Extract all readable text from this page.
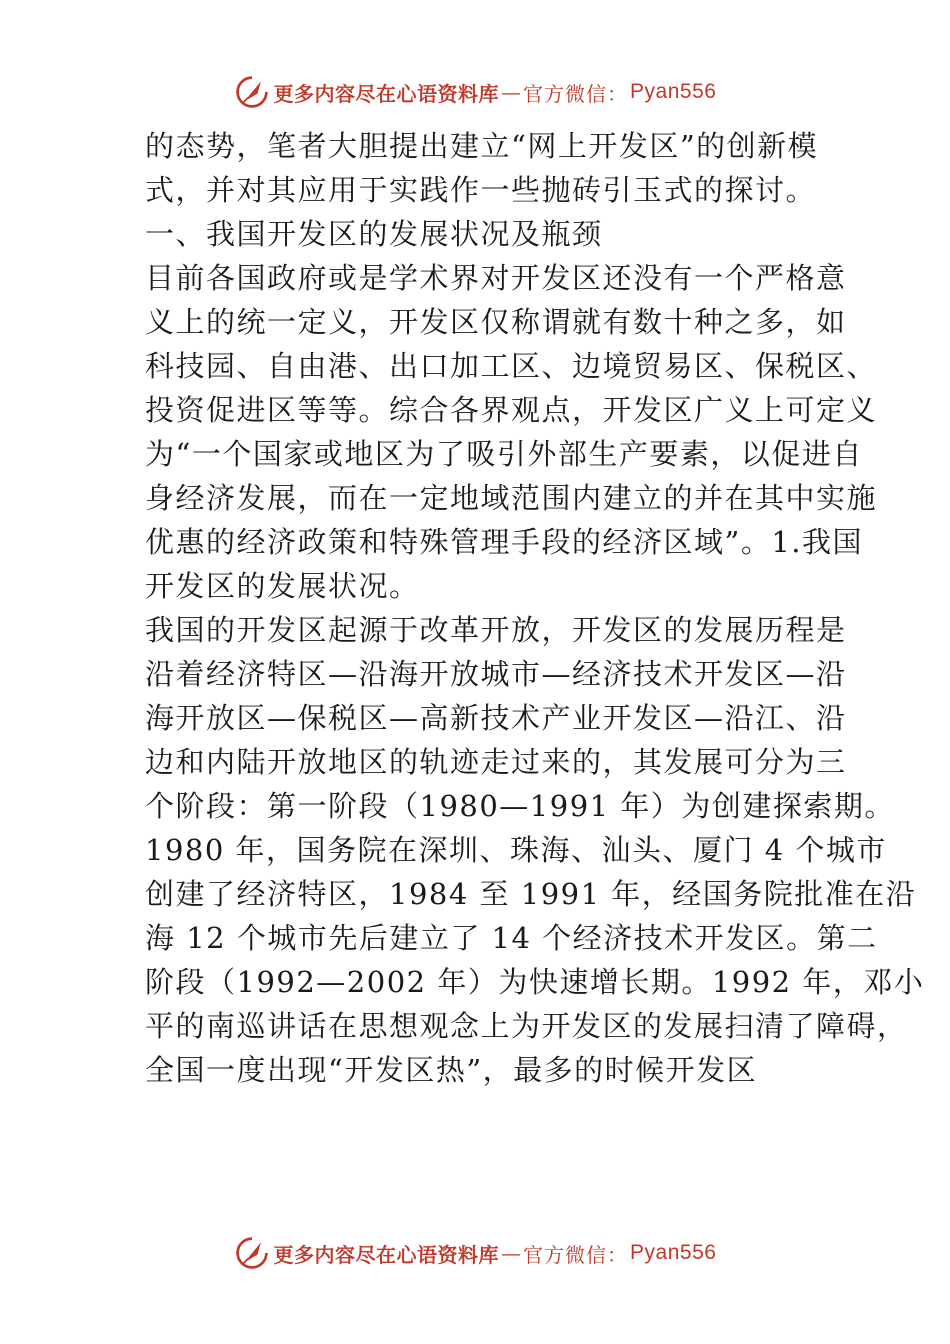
更多内容尽在心语资料库 — 官方微信： Pyan556
的态势，笔者大胆提出建立“网上开发区”的创新模
式，并对其应用于实践作一些抛砖引玉式的探讨。
一、我国开发区的发展状况及瓶颈
目前各国政府或是学术界对开发区还没有一个严格意
义上的统一定义，开发区仅称谓就有数十种之多，如
科技园、自由港、出口加工区、边境贸易区、保税区、
投资促进区等等。综合各界观点，开发区广义上可定义
为“一个国家或地区为了吸引外部生产要素，以促进自
身经济发展，而在一定地域范围内建立的并在其中实施
优惠的经济政策和特殊管理手段的经济区域”。1.我国
开发区的发展状况。
我国的开发区起源于改革开放，开发区的发展历程是
沿着经济特区—沿海开放城市—经济技术开发区—沿
海开放区—保税区—高新技术产业开发区—沿江、沿
边和内陆开放地区的轨迹走过来的，其发展可分为三
个阶段：第一阶段（1980—1991 年）为创建探索期。
1980 年，国务院在深圳、珠海、汕头、厦门 4 个城市
创建了经济特区，1984 至 1991 年，经国务院批准在沿
海 12 个城市先后建立了 14 个经济技术开发区。第二
阶段（1992—2002 年）为快速增长期。1992 年，邓小
平的南巡讲话在思想观念上为开发区的发展扫清了障碍，
全国一度出现“开发区热”，最多的时候开发区
更多内容尽在心语资料库 — 官方微信： Pyan556
